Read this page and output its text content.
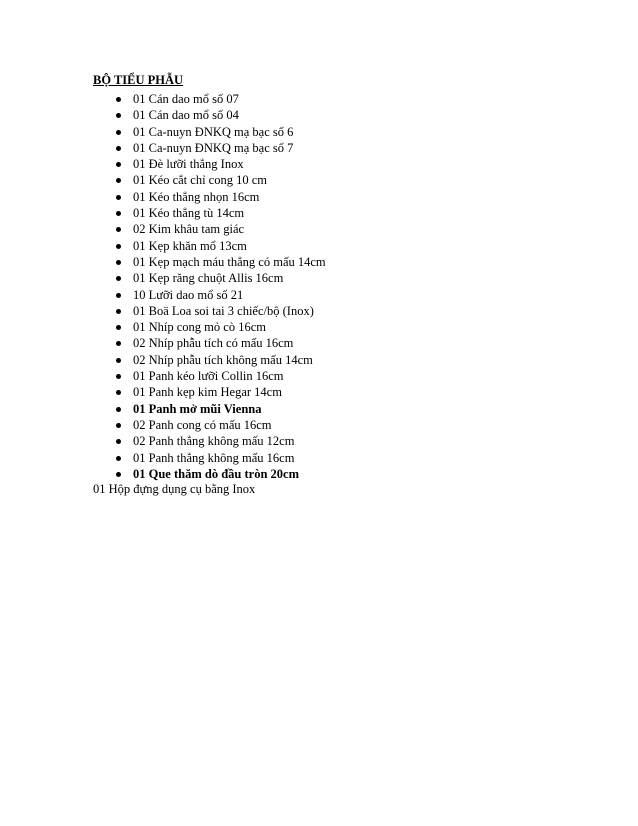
BỘ TIỂU PHẪU
01 Cán dao mổ số 07
01 Cán dao mổ số 04
01 Ca-nuyn ĐNKQ mạ bạc số 6
01 Ca-nuyn ĐNKQ mạ bạc số 7
01 Đè lưỡi thẳng Inox
01 Kéo cắt chỉ cong 10 cm
01 Kéo thẳng nhọn 16cm
01 Kéo thẳng tù 14cm
02 Kim khâu tam giác
01 Kẹp khăn mổ 13cm
01 Kẹp mạch máu thẳng có mấu 14cm
01 Kẹp răng chuột Allis 16cm
10 Lưỡi dao mổ số 21
01 Boä Loa soi tai 3 chiếc/bộ (Inox)
01 Nhíp cong mỏ cò 16cm
02 Nhíp phẫu tích có mấu 16cm
02 Nhíp phẫu tích không mấu 14cm
01 Panh kéo lưỡi Collin 16cm
01 Panh kẹp kim Hegar 14cm
01 Panh mở mũi Vienna
02 Panh cong có mấu 16cm
02 Panh thẳng không mấu 12cm
01 Panh thẳng không mấu 16cm
01 Que thăm dò đầu tròn 20cm
01 Hộp đựng dụng cụ bằng Inox
